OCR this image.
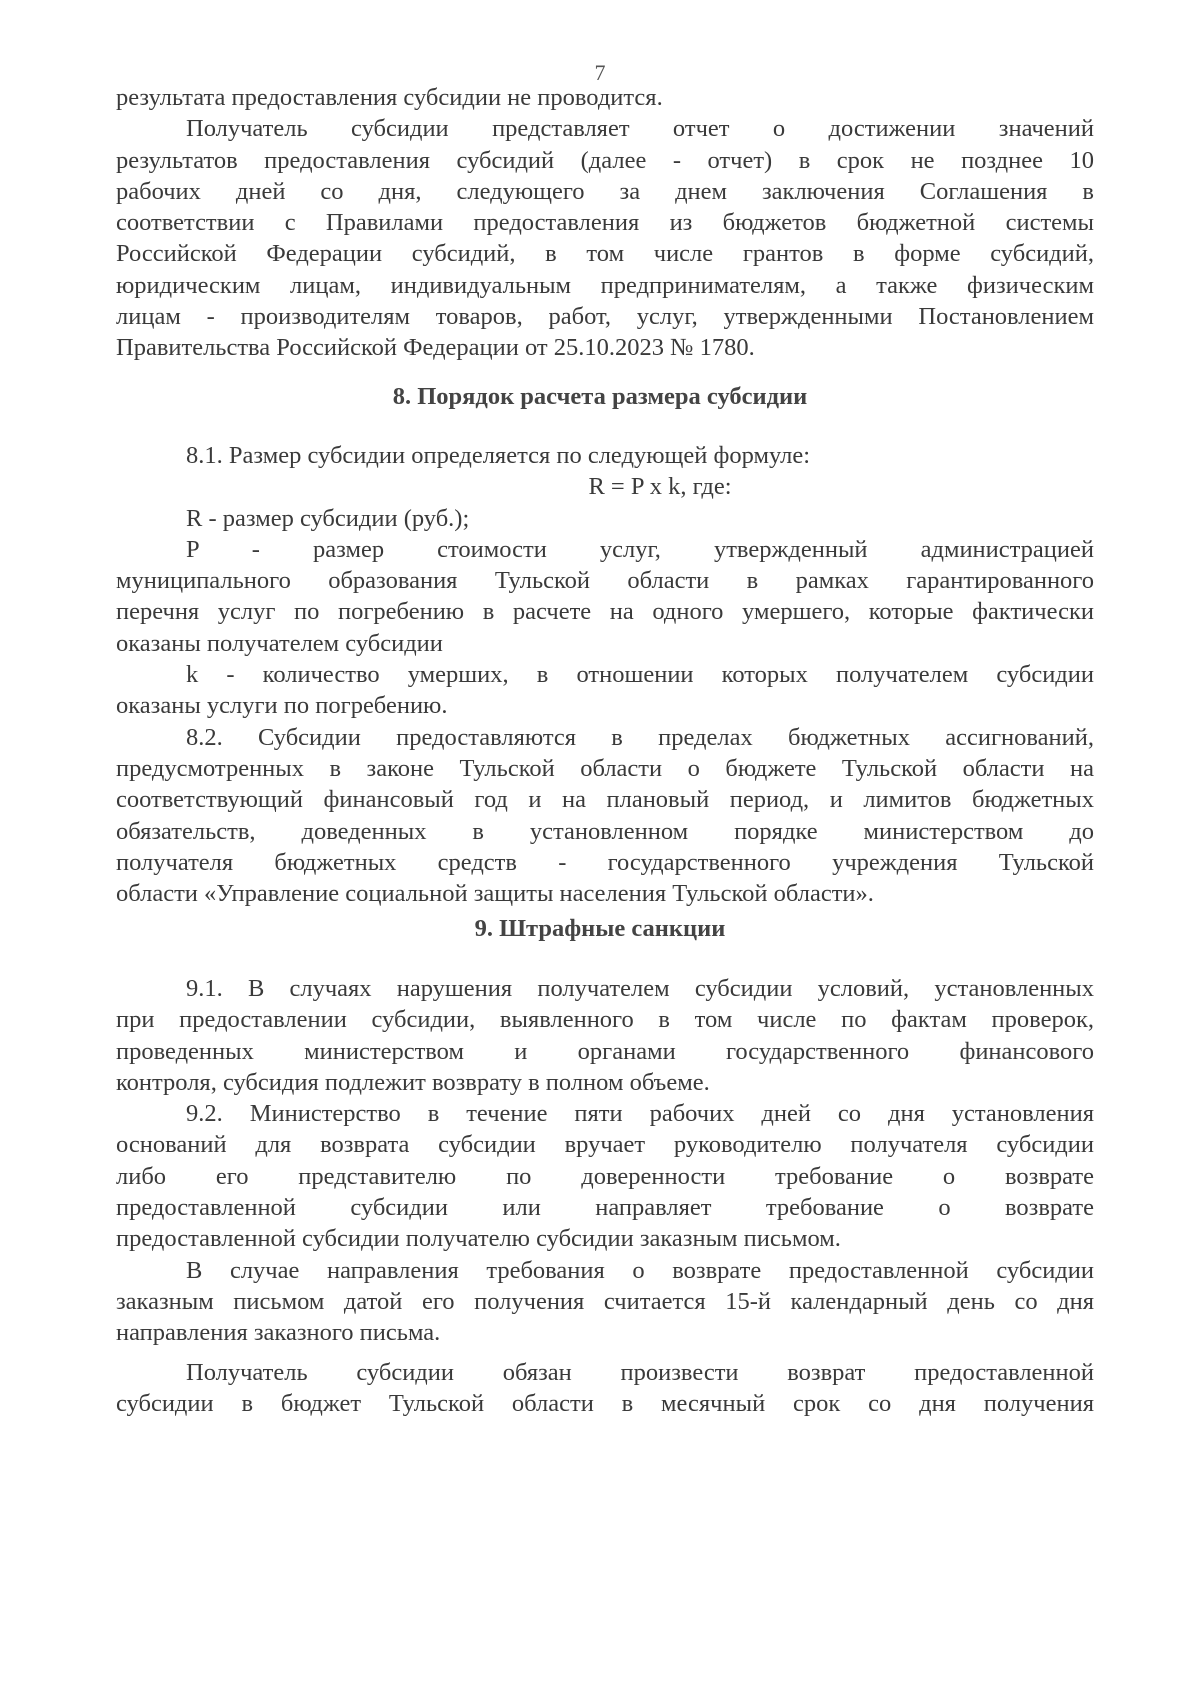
7
результата предоставления субсидии не проводится.
Получатель субсидии представляет отчет о достижении значений
результатов предоставления субсидий (далее - отчет) в срок не позднее 10
рабочих дней со дня, следующего за днем заключения Соглашения в
соответствии с Правилами предоставления из бюджетов бюджетной системы
Российской Федерации субсидий, в том числе грантов в форме субсидий,
юридическим лицам, индивидуальным предпринимателям, а также физическим
лицам - производителям товаров, работ, услуг, утвержденными Постановлением
Правительства Российской Федерации от 25.10.2023 № 1780.
8. Порядок расчета размера субсидии
8.1. Размер субсидии определяется по следующей формуле:
R = P x k, где:
R - размер субсидии (руб.);
P - размер стоимости услуг, утвержденный администрацией
муниципального образования Тульской области в рамках гарантированного
перечня услуг по погребению в расчете на одного умершего, которые фактически
оказаны получателем субсидии
k - количество умерших, в отношении которых получателем субсидии
оказаны услуги по погребению.
8.2. Субсидии предоставляются в пределах бюджетных ассигнований,
предусмотренных в законе Тульской области о бюджете Тульской области на
соответствующий финансовый год и на плановый период, и лимитов бюджетных
обязательств, доведенных в установленном порядке министерством до
получателя бюджетных средств - государственного учреждения Тульской
области «Управление социальной защиты населения Тульской области».
9. Штрафные санкции
9.1. В случаях нарушения получателем субсидии условий, установленных
при предоставлении субсидии, выявленного в том числе по фактам проверок,
проведенных министерством и органами государственного финансового
контроля, субсидия подлежит возврату в полном объеме.
9.2. Министерство в течение пяти рабочих дней со дня установления
оснований для возврата субсидии вручает руководителю получателя субсидии
либо его представителю по доверенности требование о возврате
предоставленной субсидии или направляет требование о возврате
предоставленной субсидии получателю субсидии заказным письмом.
В случае направления требования о возврате предоставленной субсидии
заказным письмом датой его получения считается 15-й календарный день со дня
направления заказного письма.
Получатель субсидии обязан произвести возврат предоставленной
субсидии в бюджет Тульской области в месячный срок со дня получения
